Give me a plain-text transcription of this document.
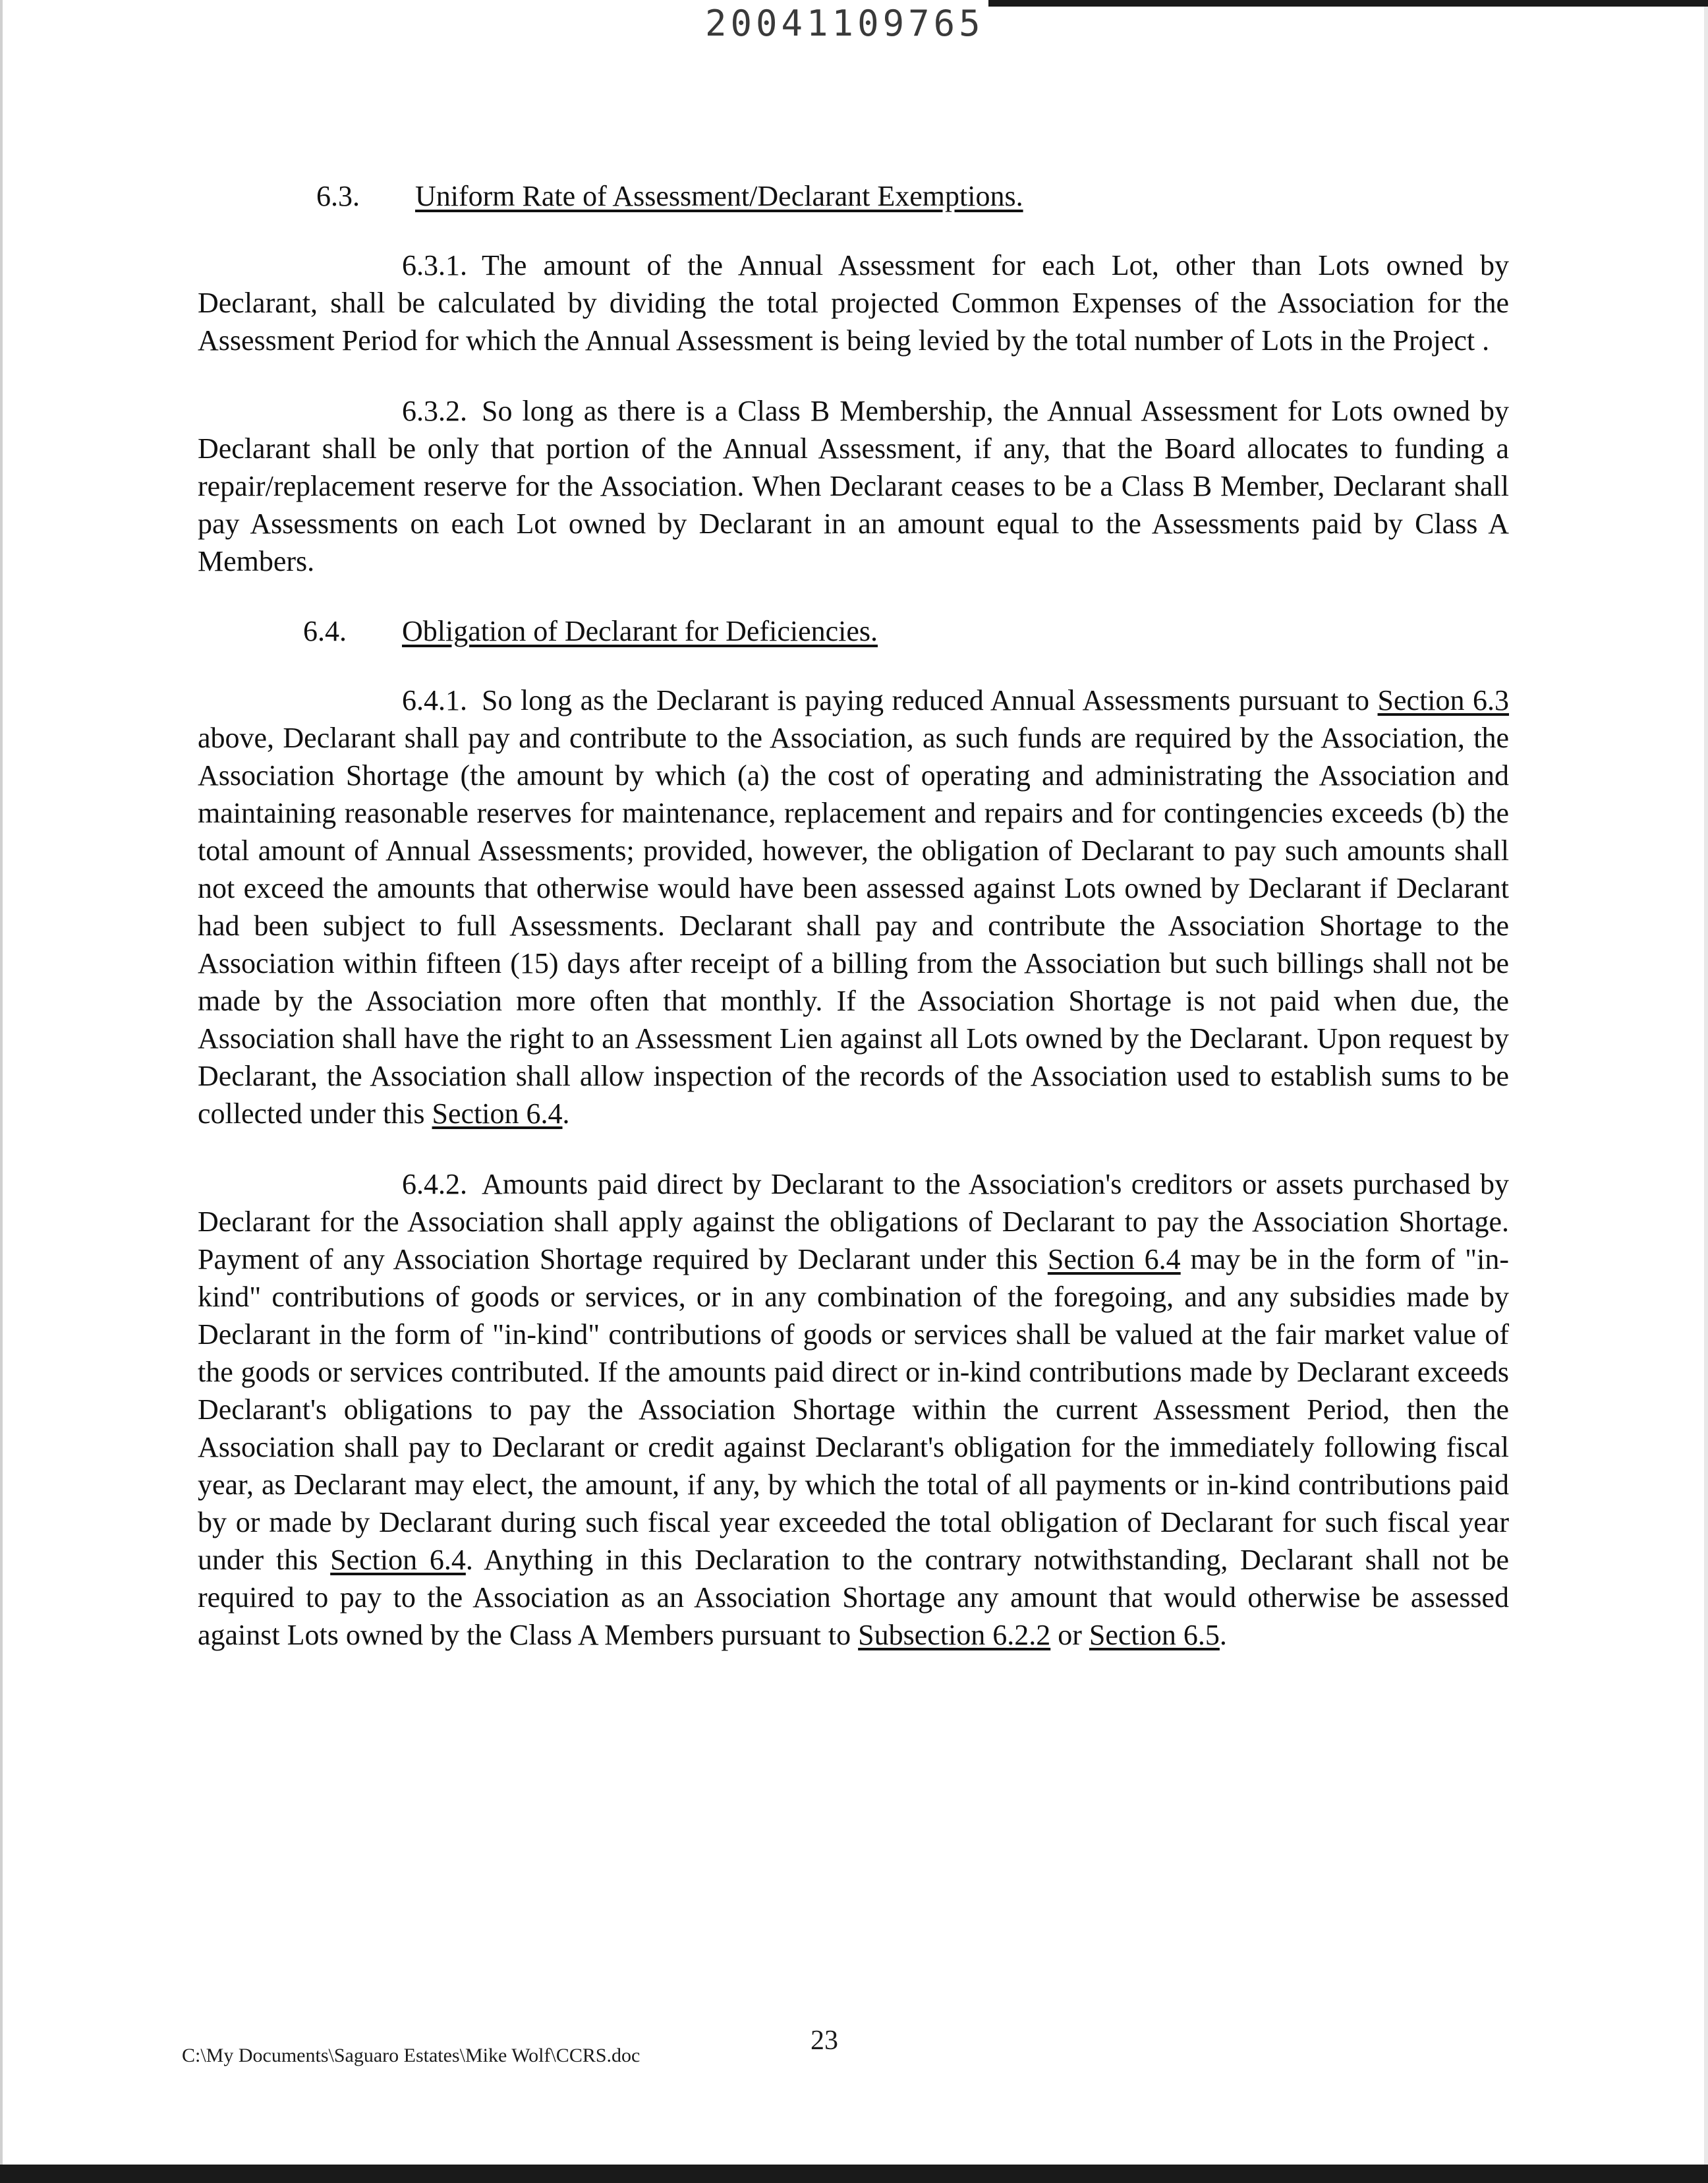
20041109765
6.3. Uniform Rate of Assessment/Declarant Exemptions.

6.3.1. The amount of the Annual Assessment for each Lot, other than Lots owned by Declarant, shall be calculated by dividing the total projected Common Expenses of the Association for the Assessment Period for which the Annual Assessment is being levied by the total number of Lots in the Project .

6.3.2. So long as there is a Class B Membership, the Annual Assessment for Lots owned by Declarant shall be only that portion of the Annual Assessment, if any, that the Board allocates to funding a repair/replacement reserve for the Association. When Declarant ceases to be a Class B Member, Declarant shall pay Assessments on each Lot owned by Declarant in an amount equal to the Assessments paid by Class A Members.

6.4. Obligation of Declarant for Deficiencies.

6.4.1. So long as the Declarant is paying reduced Annual Assessments pursuant to Section 6.3 above, Declarant shall pay and contribute to the Association, as such funds are required by the Association, the Association Shortage (the amount by which (a) the cost of operating and administrating the Association and maintaining reasonable reserves for maintenance, replacement and repairs and for contingencies exceeds (b) the total amount of Annual Assessments; provided, however, the obligation of Declarant to pay such amounts shall not exceed the amounts that otherwise would have been assessed against Lots owned by Declarant if Declarant had been subject to full Assessments. Declarant shall pay and contribute the Association Shortage to the Association within fifteen (15) days after receipt of a billing from the Association but such billings shall not be made by the Association more often that monthly. If the Association Shortage is not paid when due, the Association shall have the right to an Assessment Lien against all Lots owned by the Declarant. Upon request by Declarant, the Association shall allow inspection of the records of the Association used to establish sums to be collected under this Section 6.4.

6.4.2. Amounts paid direct by Declarant to the Association's creditors or assets purchased by Declarant for the Association shall apply against the obligations of Declarant to pay the Association Shortage. Payment of any Association Shortage required by Declarant under this Section 6.4 may be in the form of "in-kind" contributions of goods or services, or in any combination of the foregoing, and any subsidies made by Declarant in the form of "in-kind" contributions of goods or services shall be valued at the fair market value of the goods or services contributed. If the amounts paid direct or in-kind contributions made by Declarant exceeds Declarant's obligations to pay the Association Shortage within the current Assessment Period, then the Association shall pay to Declarant or credit against Declarant's obligation for the immediately following fiscal year, as Declarant may elect, the amount, if any, by which the total of all payments or in-kind contributions paid by or made by Declarant during such fiscal year exceeded the total obligation of Declarant for such fiscal year under this Section 6.4. Anything in this Declaration to the contrary notwithstanding, Declarant shall not be required to pay to the Association as an Association Shortage any amount that would otherwise be assessed against Lots owned by the Class A Members pursuant to Subsection 6.2.2 or Section 6.5.

C:\My Documents\Saguaro Estates\Mike Wolf\CCRS.doc	23
